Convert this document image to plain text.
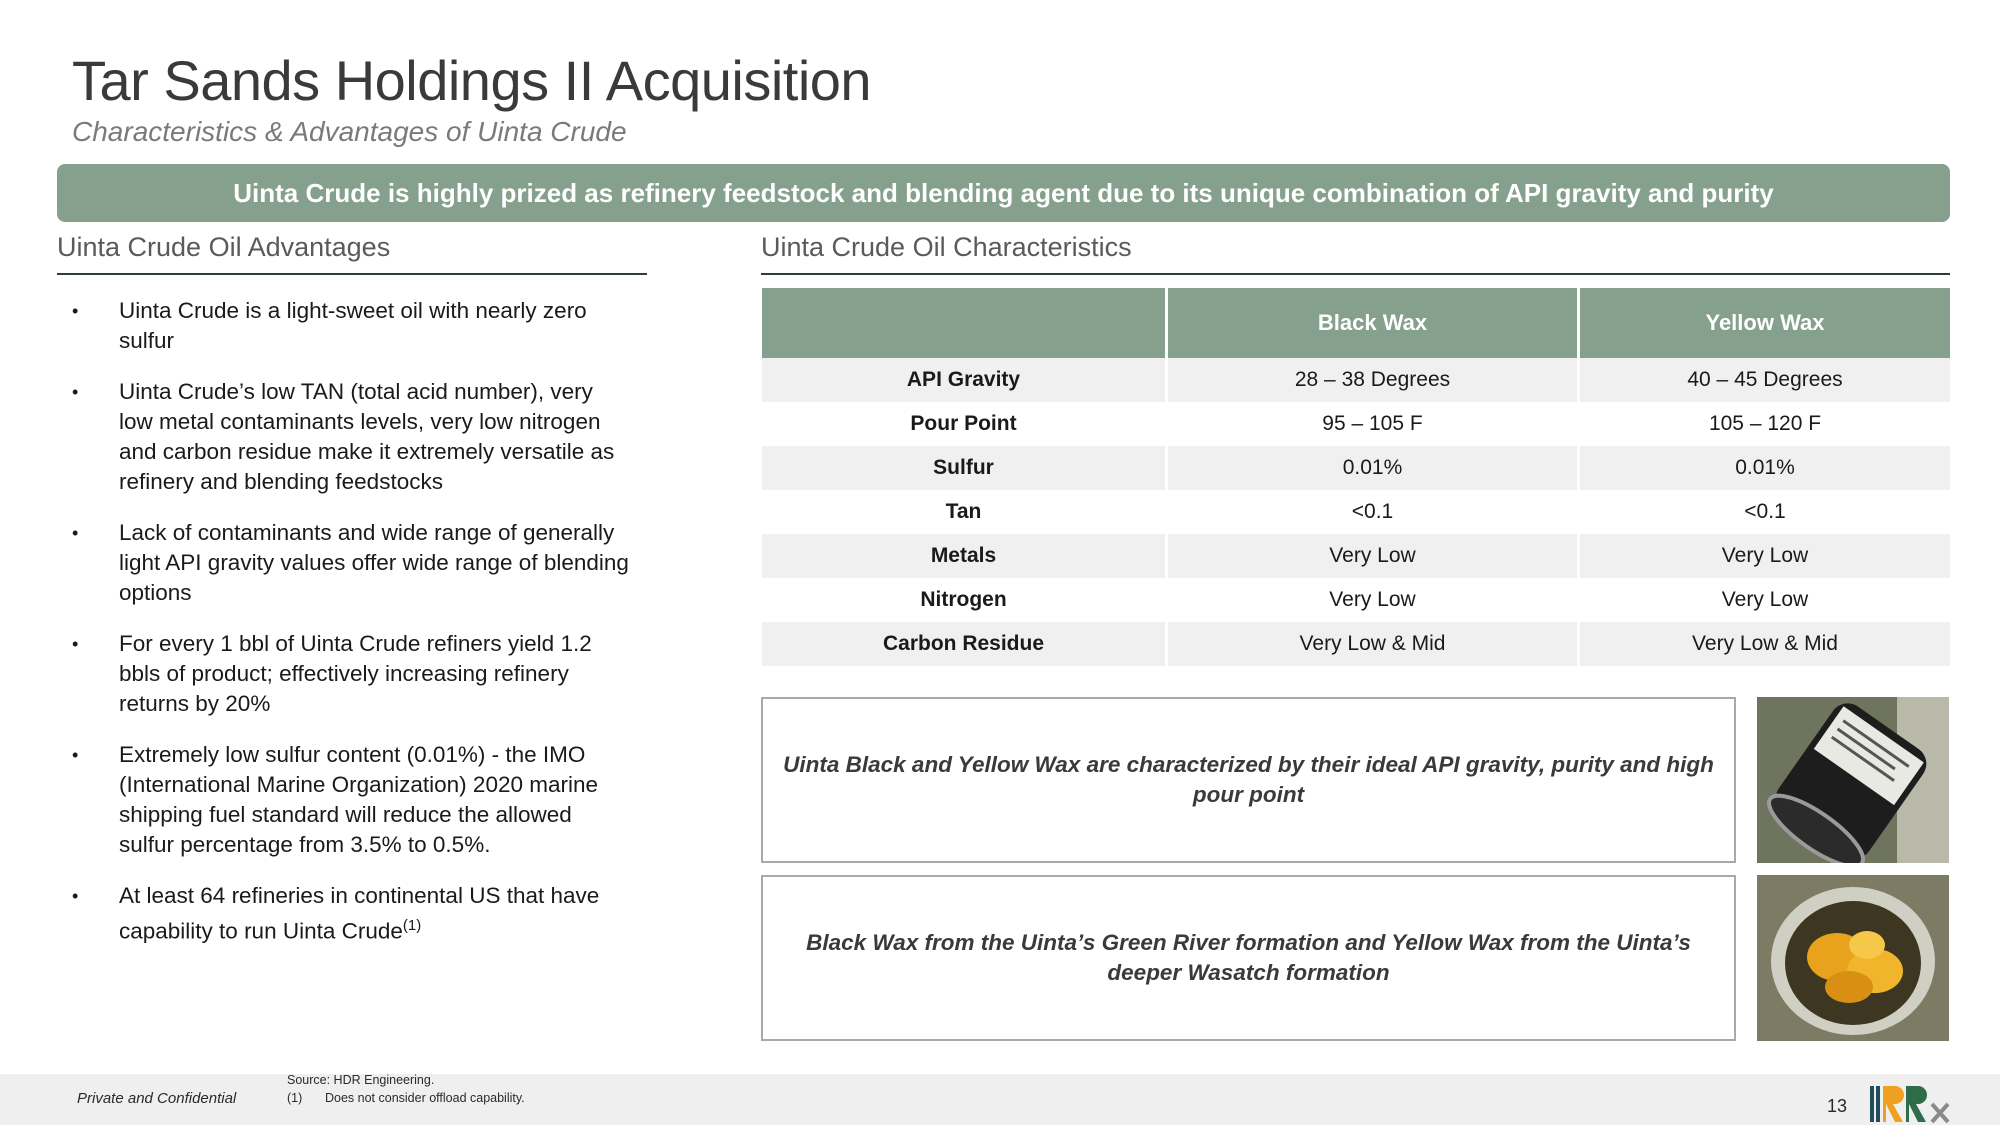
Tar Sands Holdings II Acquisition
Characteristics & Advantages of Uinta Crude
Uinta Crude is highly prized as refinery feedstock and blending agent due to its unique combination of API gravity and purity
Uinta Crude Oil Advantages	Uinta Crude Oil Characteristics
• Uinta Crude is a light-sweet oil with nearly zero sulfur
• Uinta Crude’s low TAN (total acid number), very low metal contaminants levels, very low nitrogen and carbon residue make it extremely versatile as refinery and blending feedstocks
• Lack of contaminants and wide range of generally light API gravity values offer wide range of blending options
• For every 1 bbl of Uinta Crude refiners yield 1.2 bbls of product; effectively increasing refinery returns by 20%
• Extremely low sulfur content (0.01%) - the IMO (International Marine Organization) 2020 marine shipping fuel standard will reduce the allowed sulfur percentage from 3.5% to 0.5%.
• At least 64 refineries in continental US that have capability to run Uinta Crude$^{(1)}$
	Black Wax	Yellow Wax
API Gravity	28 – 38 Degrees	40 – 45 Degrees
Pour Point	95 – 105 F	105 – 120 F
Sulfur	0.01%	0.01%
Tan	<0.1	<0.1
Metals	Very Low	Very Low
Nitrogen	Very Low	Very Low
Carbon Residue	Very Low & Mid	Very Low & Mid
Uinta Black and Yellow Wax are characterized by their ideal API gravity, purity and high pour point
Black Wax from the Uinta’s Green River formation and Yellow Wax from the Uinta’s deeper Wasatch formation
Private and Confidential
Source: HDR Engineering.
(1) Does not consider offload capability.	13
